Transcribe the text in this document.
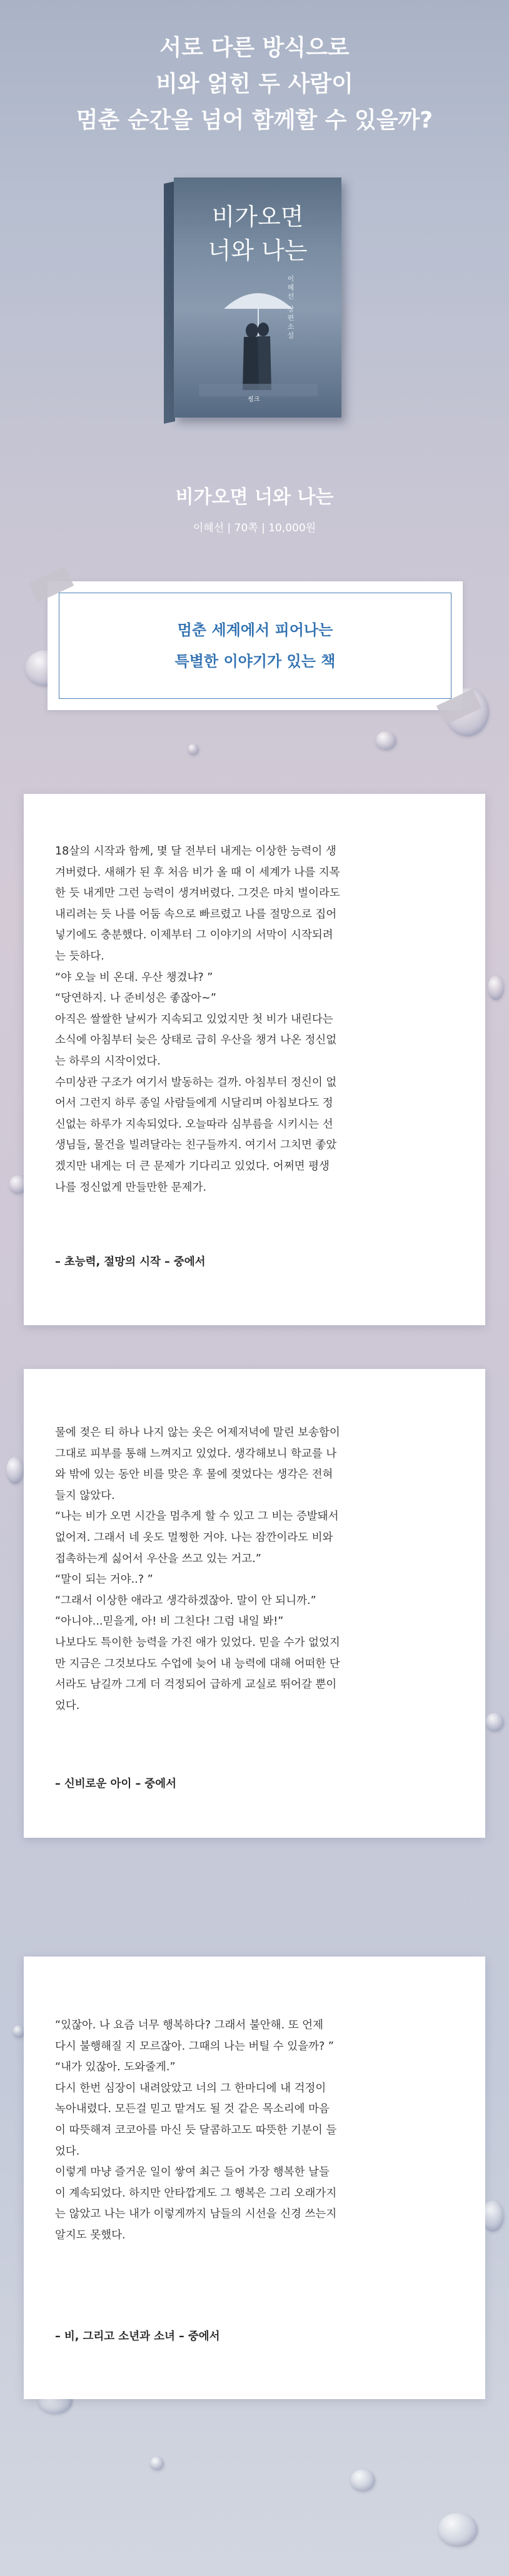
서로 다른 방식으로
비와 얽힌 두 사람이
멈춘 순간을 넘어 함께할 수 있을까?
비가오면
너와 나는
이혜선 장편소설
씽크
비가오면 너와 나는
이혜선 | 70쪽 | 10,000원
멈춘 세계에서 피어나는
특별한 이야기가 있는 책

18살의 시작과 함께, 몇 달 전부터 내게는 이상한 능력이 생

겨버렸다. 새해가 된 후 처음 비가 올 때 이 세계가 나를 지목

한 듯 내게만 그런 능력이 생겨버렸다. 그것은 마치 벌이라도

내리려는 듯 나를 어둠 속으로 빠르렸고 나를 절망으로 집어

넣기에도 충분했다. 이제부터 그 이야기의 서막이 시작되려

는 듯하다.

“야 오늘 비 온대. 우산 챙겼냐? ”

“당연하지. 나 준비성은 좋잖아~”

아직은 쌀쌀한 날씨가 지속되고 있었지만 첫 비가 내린다는

소식에 아침부터 늦은 상태로 급히 우산을 챙겨 나온 정신없

는 하루의 시작이었다.

수미상관 구조가 여기서 발동하는 걸까. 아침부터 정신이 없

어서 그런지 하루 종일 사람들에게 시달리며 아침보다도 정

신없는 하루가 지속되었다. 오늘따라 심부름을 시키시는 선

생님들, 물건을 빌려달라는 친구들까지. 여기서 그치면 좋았

겠지만 내게는 더 큰 문제가 기다리고 있었다. 어쩌면 평생

나를 정신없게 만들만한 문제가.

– 초능력, 절망의 시작 – 중에서

물에 젖은 티 하나 나지 않는 옷은 어제저녁에 말린 보송함이

그대로 피부를 통해 느껴지고 있었다. 생각해보니 학교를 나

와 밖에 있는 동안 비를 맞은 후 물에 젖었다는 생각은 전혀

들지 않았다.

“나는 비가 오면 시간을 멈추게 할 수 있고 그 비는 증발돼서

없어져. 그래서 네 옷도 멀쩡한 거야. 나는 잠깐이라도 비와

접촉하는게 싫어서 우산을 쓰고 있는 거고.”

“말이 되는 거야..? ”

“그래서 이상한 애라고 생각하겠잖아. 말이 안 되니까.”

“아니야...믿을게, 아! 비 그친다! 그럼 내일 봐!”

나보다도 특이한 능력을 가진 애가 있었다. 믿을 수가 없었지

만 지금은 그것보다도 수업에 늦어 내 능력에 대해 어떠한 단

서라도 남길까 그게 더 걱정되어 급하게 교실로 뛰어갈 뿐이

었다.

– 신비로운 아이 – 중에서

“있잖아. 나 요즘 너무 행복하다? 그래서 불안해. 또 언제

다시 불행해질 지 모르잖아. 그때의 나는 버틸 수 있을까? ”

“내가 있잖아. 도와줄게.”

다시 한번 심장이 내려앉았고 너의 그 한마디에 내 걱정이

녹아내렸다. 모든걸 믿고 맡겨도 될 것 같은 목소리에 마음

이 따뜻해져 코코아를 마신 듯 달콤하고도 따뜻한 기분이 들

었다.

이렇게 마냥 즐거운 일이 쌓여 최근 들어 가장 행복한 날들

이 계속되었다. 하지만 안타깝게도 그 행복은 그리 오래가지

는 않았고 나는 내가 이렇게까지 남들의 시선을 신경 쓰는지

알지도 못했다.

– 비, 그리고 소년과 소녀 – 중에서
